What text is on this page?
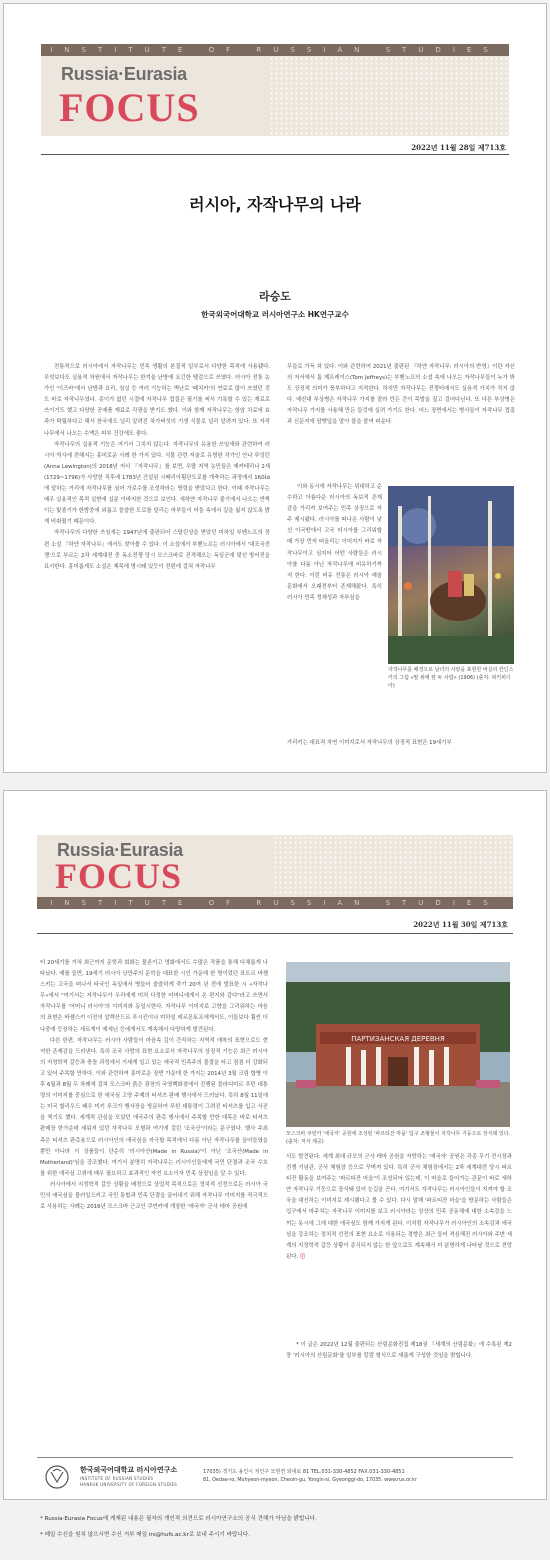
INSTITUTE OF RUSSIAN STUDIES
Russia·Eurasia
FOCUS
2022년 11월 28일 제713호
러시아, 자작나무의 나라
라승도
한국외국어대학교 러시아연구소 HK연구교수

전통적으로 러시아에서 자작나무는 민족 생활의 본질적 일부로서 다양한 목적에 사용됐다. 무엇보다도 실용적 차원에서 자작나무는 한겨울 난방에 요긴한 땔감으로 쓰였다. 러시아 전통 농가인 '이즈바'에서 난방과 요리, 침실 등 여러 기능하는 벽난로 '페치카'의 연료로 많이 쓰였던 것도 바로 자작나무였다. 종이가 없던 시절에 자작나무 껍질은 필기를 써서 기록할 수 있는 재료로 쓰이기도 했고 다양한 공예품 재료로 각광을 받기도 했다. 이와 함께 자작나무는 항암 치료에 효과가 탁월하다고 해서 한국에도 널리 알려진 차가버섯의 기생 식물로 널리 알려져 있다. 또 자작나무에서 나오는 수액은 피부 건강에도 좋다.

자작나무의 실용적 기능은 여기서 그치지 않는다. 자작나무의 유용한 쓰임새와 관련하여 러시아 역사에 전해지는 흥미로운 사례 한 가지 있다. 식물 관련 저술로 유명한 작가인 안나 루잉턴(Anna Lewington)의 2018년 저서 『자작나무』를 보면, 우랄 지역 농민들은 예카테리나 2세(1729~1796)가 사망한 직후에 1783년 건설된 시베리아횡단도로를 개축하는 과정에서 160㎞에 달하는 거리에 자작나무를 심어 가로수를 조성하라는 명령을 받았다고 한다. 이때 자작나무는 매우 실용적인 목적 실현에 십분 이바지한 것으로 보인다. 새하얀 자작나무 줄기에서 나오는 반짝이는 빛줄기가 한밤중에 외롭고 쓸쓸한 도로를 달리는 마부들이 어둠 속에서 길을 잃지 않도록 밝게 비춰줬기 때문이다.

자작나무의 다양한 쓰임새는 1947년에 출판되어 스탈린상을 받았던 미하일 부벤노프의 장편 소설 『하얀 자작나무』에서도 찾아볼 수 있다. 이 소설에서 부벤노프는 러시아에서 '대조국전쟁'으로 부르는 2차 세계대전 중 독소전쟁 당시 모스크바로 진격해오는 독일군에 맞선 방어전을 묘사한다. 흥미롭게도 소설은 제목에 명시돼 있듯이 전편에 걸쳐 자작나무

무들로 가득 차 있다. 이와 관련하여 2021년 출판된 『하얀 자작나무: 러시아의 반영』이란 자신의 저서에서 톰 제프레이스(Tom Jeffreys)는 부벤노프의 소설 속에 나오는 자작나무들이 누가 봐도 상징적 의미가 풍부하다고 지적한다. 하지만 자작나무는 전쟁터에서도 실용적 가치가 작지 않다. 예컨대 부상병은 자작나무 가지를 잘라 만든 간이 목발을 짚고 걸어다닌다. 또 다른 부상병은 자작나무 가지를 사용해 만든 들것에 실려 가기도 한다. 어느 장면에서는 병사들이 자작나무 껍질과 신문지에 담뱃잎을 말아 불을 붙여 피운다.

이와 동시에 자작나무는 위대하고 순수하고 아름다운 러시아의 독보적 존재감을 가리켜 보여주는 민족 상징으로 자주 제시됐다. 러시아를 떠나온 사람이 낯선 이국땅에서 고국 러시아를 그리워할 때 가장 먼저 떠올리는 이미지가 바로 자작나무이고 심지어 어떤 사람들은 러시아를 다름 아닌 자작나무에 비유하기까지 한다. 이런 비유 전통은 러시아 예술문화에서 오래전부터 존재해왔다. 특히 러시아 민족 정체성과 자부심을

자작나무를 배경으로 남녀의 사랑을 표현한 바실리 칸딘스키의 그림 «말 위에 탄 두 사람» (1906) (출처: 위키피디아)

가리키는 대표적 자연 이미지로서 자작나무의 상징적 표현은 19세기부

Russia·Eurasia
FOCUS
INSTITUTE OF RUSSIAN STUDIES
2022년 11월 30일 제713호

터 20세기를 거쳐 최근까지 문학과 회화는 물론이고 영화에서도 수많은 작품을 통해 다채롭게 나타났다. 예를 들면, 19세기 러시아 낭만주의 문학을 대표한 시인 가운데 한 명이었던 표트르 바젬스키는 고국을 떠나서 타국인 독일에서 병들어 쓸쓸하게 죽기 20여 년 전에 발표한 시 «자작나무»에서 "여기서는 자작나무가 우리에게 미처 다정한 어머니에게서 온 편지와 같다"라고 쓰면서 자작나무를 '어머니 러시아'의 이미지와 동일시한다. 자작나무 이미지로 고향을 그리워하는 마음의 표현은 바젬스키 이전의 알렉산드르 푸시킨이나 미하일 레르몬토프에게서도, 이들보다 훨씬 더 나중에 등장하는 세르게이 예세닌 등에게서도 계속해서 다양하게 발견된다.

다른 한편, 자작나무는 러시아 사람들이 마음속 깊이 간직하는 지역적 애착의 표현으로도 현저한 존재감을 드러낸다. 특히 조국 사랑의 표현 요소로서 자작나무의 상징적 기능은 최근 러시아의 지정학적 갈등과 충돌 과정에서 거세게 일고 있는 애국적 민족주의 물결을 타고 점점 더 강화되고 있어 주목할 만하다. 이와 관련하여 흥미로운 장면 가운데 한 가지는 2014년 3월 크림 합병 이후 6월과 8월 두 차례에 걸쳐 모스크바 붉은 광장의 국영백화점에서 진행된 블라디미르 푸틴 대통령의 이미지를 중심으로 한 애국심 고양 주제의 티셔츠 판매 행사에서 드러났다. 특히 8월 11일에는 미국 할리우드 배우 미키 루크가 행사장을 방문하여 푸틴 대통령이 그려진 티셔츠를 입고 사진을 찍기도 했다. 세계적 관심을 모았던 애국주의 판촉 행사에서 주목할 만한 대목은 바로 티셔츠 판매장 한가운데 세워져 있던 자작나무 모형과 여기에 걸린 '조국산'이라는 문구였다. 행사 주최 측은 티셔츠 판촉용으로 러시아인의 애국심을 자극할 목적에서 다름 아닌 자작나무를 끌어들였을 뿐만 아니라 이 상품들이 단순히 '러시아산(Made in Russia)'이 아닌 '조국산(Made in Motherland)'임을 강조했다. 여기서 분명히 자작나무는 러시아인들에게 국민 단결과 조국 수호를 위한 애국심 고취에 매우 필요하고 효과적인 자연 요소이자 민족 상징임을 알 수 있다.

러시아에서 지정학적 갈등 상황을 배경으로 상업적 목적으로든 정치적 선전으로든 러시아 국민의 애국심을 불러일으키고 국민 통합과 민족 단결을 끌어내기 위해 자작나무 이미지를 적극적으로 사용하는 사례는 2016년 모스크바 근교인 쿠빈카에 개장한 '애국자' 군사 테마 공원에

ПАРТИЗАНСКАЯ ДЕРЕВНЯ
모스크바 쿠빈카 '애국자' 공원에 조성된 '파르티잔 마을' 입구 조형물이 자작나무 기둥으로 장식돼 있다. (출처: 저자 제공)

서도 발견된다. 세계 최대 규모의 군사 테마 공원을 자랑하는 '애국자' 공원은 각종 무기 전시장과 전쟁 기념관, 군사 체험장 등으로 꾸며져 있다. 특히 군사 체험장에서는 2차 세계대전 당시 파르티잔 활동을 보여주는 '파르티잔 마을'이 조성되어 있는데, 이 마을로 들어가는 관문이 바로 새하얀 자작나무 기둥으로 장식돼 있어 눈길을 끈다. 여기서도 자작나무는 러시아인들이 지켜야 할 조국을 대신하는 이미지로 제시됐다고 볼 수 있다. 다시 말해 '파르티잔 마을'을 방문하는 사람들은 입구에서 마주치는 자작나무 이미지를 보고 러시아라는 상상의 민족 공동체에 대한 소속감을 느끼는 동시에 그에 대한 애국심도 함께 가지게 된다. 이처럼 자작나무가 러시아인의 소속감과 애국심을 강조하는 정치적 선전의 표현 요소로 사용되는 경향은 최근 들어 격심해진 러시아와 주변 세계의 지정학적 갈등 상황이 종식되지 않는 한 앞으로도 계속해서 더 분명하게 나타날 것으로 전망된다. ⓡ

* 이 글은 2022년 12월 출판되는 산림문화전집 제18권 『세계의 산림문화』에 수록된 제2장 '러시아의 산림문화'를 일부를 칼럼 형식으로 새롭게 구성한 것임을 밝힙니다.

한국외국어대학교 러시아연구소
INSTITUTE OF RUSSIAN STUDIES
HANKUK UNIVERSITY OF FOREIGN STUDIES
17035) 경기도 용인시 처인구 모현면 외대로 81 TEL.031-330-4852 FAX.031-330-4851
81, Oedae-ro, Mohyeon-myeon, Cheoin-gu, Yongin-si, Gyeonggi-do, 17035. www.rus.or.kr
* Russia·Eurasia Focus에 게재된 내용은 필자의 개인적 의견으로 러시아연구소의 공식 견해가 아님을 밝힙니다.
* 메일 수신을 원치 않으시면 수신 거부 메일 irs@hufs.ac.kr로 보내 주시기 바랍니다.
